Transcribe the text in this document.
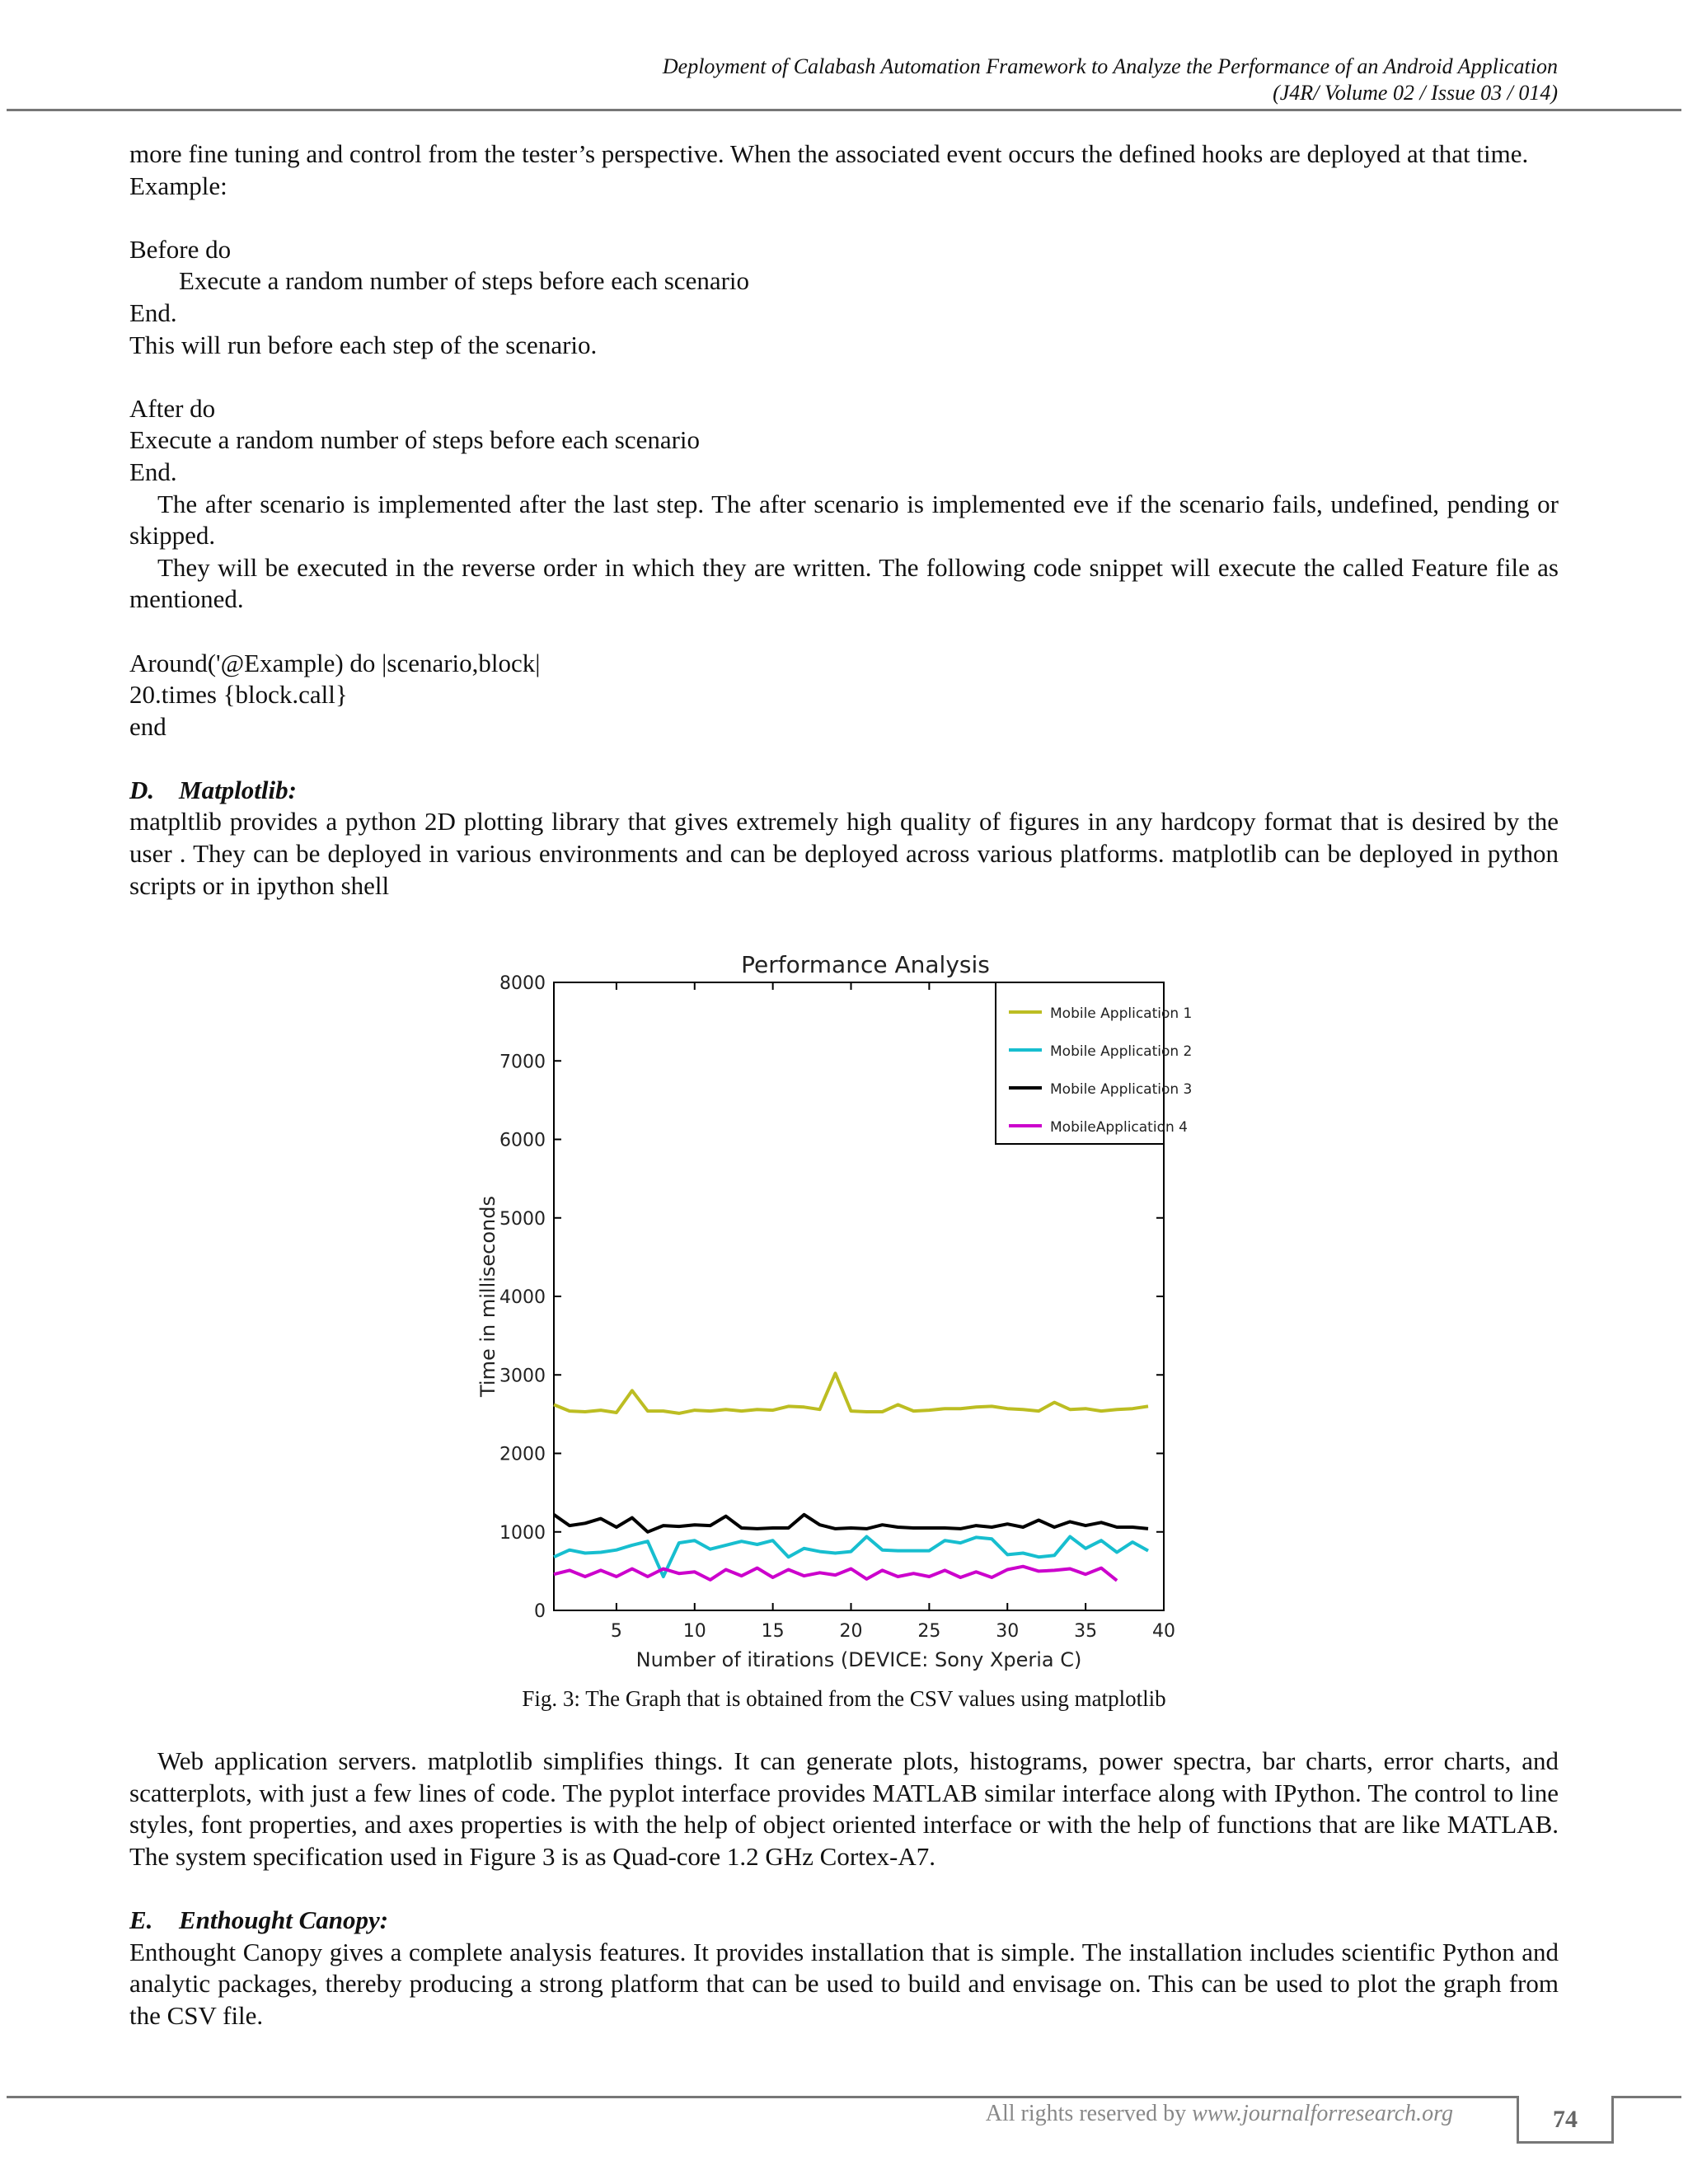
Deployment of Calabash Automation Framework to Analyze the Performance of an Android Application
(J4R/ Volume 02 / Issue 03 / 014)

more fine tuning and control from the tester’s perspective. When the associated event occurs the defined hooks are deployed at that time.

Example:

Before do

Execute a random number of steps before each scenario

End.

This will run before each step of the scenario.

After do

Execute a random number of steps before each scenario

End.

The after scenario is implemented after the last step. The after scenario is implemented eve if the scenario fails, undefined, pending or skipped.

They will be executed in the reverse order in which they are written. The following code snippet will execute the called Feature file as mentioned.

Around('@Example) do |scenario,block|

20.times {block.call}

end

D. Matplotlib:

matpltlib provides a python 2D plotting library that gives extremely high quality of figures in any hardcopy format that is desired by the user . They can be deployed in various environments and can be deployed across various platforms. matplotlib can be deployed in python scripts or in ipython shell

Performance Analysis
0
1000
2000
3000
4000
5000
6000
7000
8000
5	10	15	20	25	30	35	40
Number of itirations (DEVICE: Sony Xperia C)
Time in milliseconds
Mobile Application 1
Mobile Application 2
Mobile Application 3
MobileApplication 4
Fig. 3: The Graph that is obtained from the CSV values using matplotlib

Web application servers. matplotlib simplifies things. It can generate plots, histograms, power spectra, bar charts, error charts, and scatterplots, with just a few lines of code. The pyplot interface provides MATLAB similar interface along with IPython. The control to line styles, font properties, and axes properties is with the help of object oriented interface or with the help of functions that are like MATLAB. The system specification used in Figure 3 is as Quad-core 1.2 GHz Cortex-A7.

E. Enthought Canopy:

Enthought Canopy gives a complete analysis features. It provides installation that is simple. The installation includes scientific Python and analytic packages, thereby producing a strong platform that can be used to build and envisage on. This can be used to plot the graph from the CSV file.

All rights reserved by www.journalforresearch.org	74
